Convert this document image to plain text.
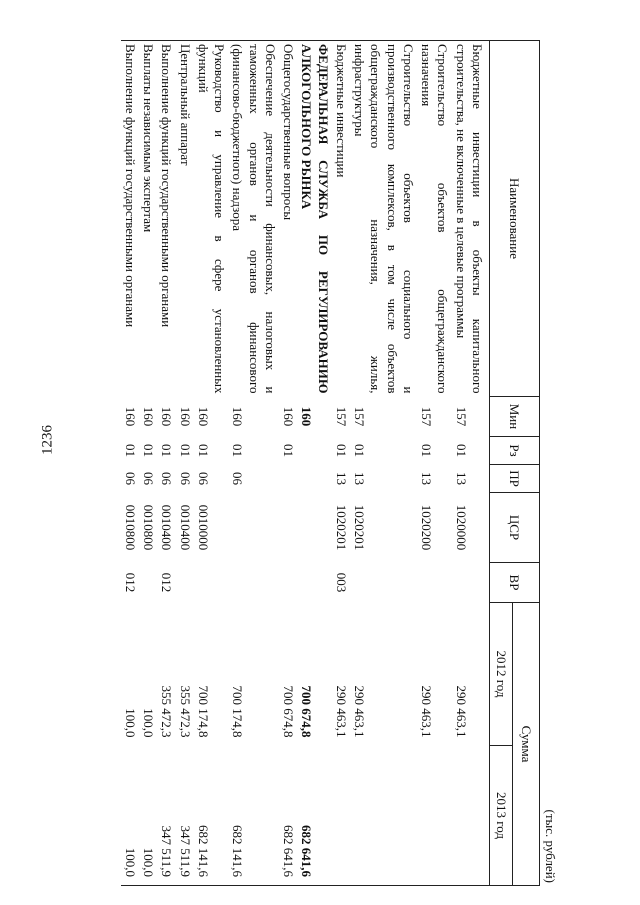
1236
(тыс. рублей)
Наименование	Мин	Рз	ПР	ЦСР	ВР	Сумма	
						2012 год	2013 год

Бюджетные инвестиции в объекты капитального
строительства, не включенные в целевые программы	157	01	13	1020000		290 463,1	

Строительство объектов общегражданского
назначения	157	01	13	1020200		290 463,1	

Строительство объектов социального и
производственного комплексов, в том числе объектов
общегражданского назначения, жилья,
инфраструктуры	157	01	13	1020201		290 463,1	

Бюджетные инвестиции	157	01	13	1020201	003	290 463,1	

ФЕДЕРАЛЬНАЯ СЛУЖБА ПО РЕГУЛИРОВАНИЮ
АЛКОГОЛЬНОГО РЫНКА	160					700 674,8	682 641,6

Общегосударственные вопросы	160	01				700 674,8	682 641,6

Обеспечение деятельности финансовых, налоговых и
таможенных органов и органов финансового
(финансово-бюджетного) надзора	160	01	06			700 174,8	682 141,6

Руководство и управление в сфере установленных
функций	160	01	06	0010000		700 174,8	682 141,6

Центральный аппарат	160	01	06	0010400		355 472,3	347 511,9

Выполнение функций государственными органами	160	01	06	0010400	012	355 472,3	347 511,9

Выплаты независимым экспертам	160	01	06	0010800		100,0	100,0

Выполнение функций государственными органами	160	01	06	0010800	012	100,0	100,0
